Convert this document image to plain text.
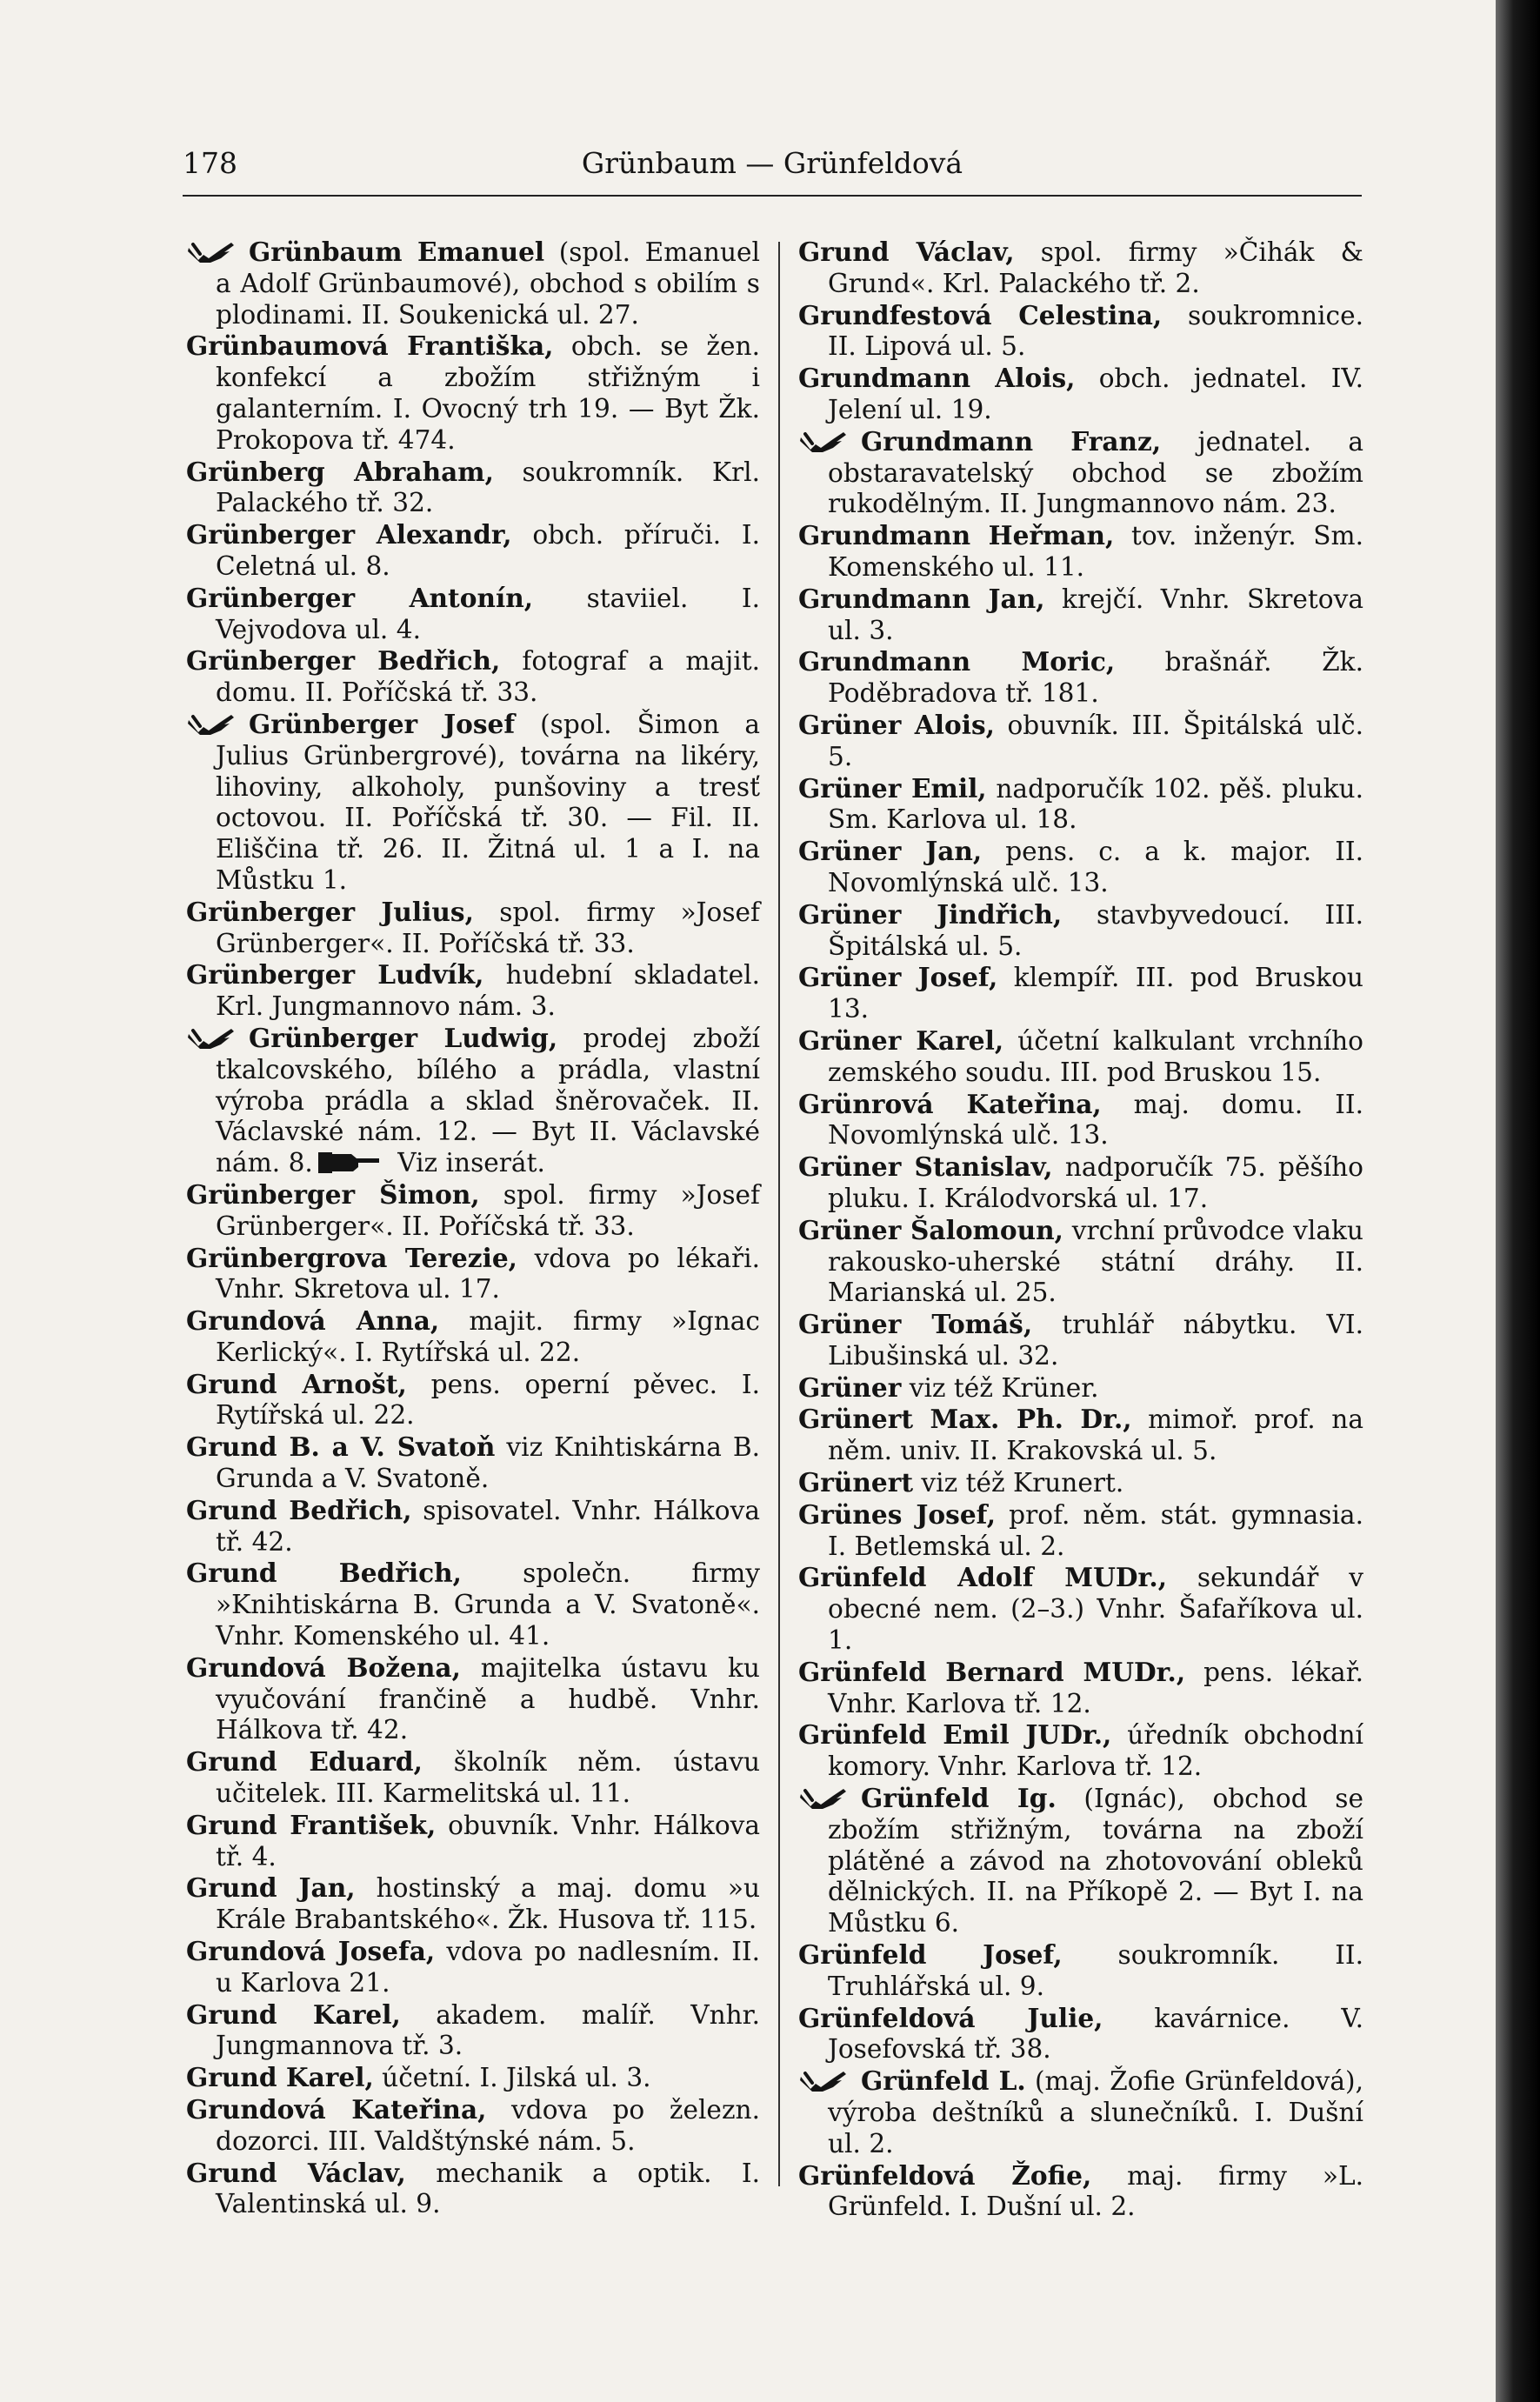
178	Grünbaum — Grünfeldová
Grünbaum Emanuel (spol. Emanuel a Adolf Grünbaumové), obchod s obilím s plodinami. II. Soukenická ul. 27.
Grünbaumová Františka, obch. se žen. konfekcí a zbožím střižným i galanterním. I. Ovocný trh 19. — Byt Žk. Prokopova tř. 474.
Grünberg Abraham, soukromník. Krl. Palackého tř. 32.
Grünberger Alexandr, obch. příruči. I. Celetná ul. 8.
Grünberger Antonín, staviiel. I. Vejvodova ul. 4.
Grünberger Bedřich, fotograf a majit. domu. II. Poříčská tř. 33.
Grünberger Josef (spol. Šimon a Julius Grünbergrové), továrna na likéry, lihoviny, alkoholy, punšoviny a tresť octovou. II. Poříčská tř. 30. — Fil. II. Eliščina tř. 26. II. Žitná ul. 1 a I. na Můstku 1.
Grünberger Julius, spol. firmy »Josef Grünberger«. II. Poříčská tř. 33.
Grünberger Ludvík, hudební skladatel. Krl. Jungmannovo nám. 3.
Grünberger Ludwig, prodej zboží tkalcovského, bílého a prádla, vlastní výroba prádla a sklad šněrovaček. II. Václavské nám. 12. — Byt II. Václavské nám. 8.	Viz inserát.
Grünberger Šimon, spol. firmy »Josef Grünberger«. II. Poříčská tř. 33.
Grünbergrova Terezie, vdova po lékaři. Vnhr. Skretova ul. 17.
Grundová Anna, majit. firmy »Ignac Kerlický«. I. Rytířská ul. 22.
Grund Arnošt, pens. operní pěvec. I. Rytířská ul. 22.
Grund B. a V. Svatoň viz Knihtiskárna B. Grunda a V. Svatoně.
Grund Bedřich, spisovatel. Vnhr. Hálkova tř. 42.
Grund Bedřich, společn. firmy »Knihtiskárna B. Grunda a V. Svatoně«. Vnhr. Komenského ul. 41.
Grundová Božena, majitelka ústavu ku vyučování frančině a hudbě. Vnhr. Hálkova tř. 42.
Grund Eduard, školník něm. ústavu učitelek. III. Karmelitská ul. 11.
Grund František, obuvník. Vnhr. Hálkova tř. 4.
Grund Jan, hostinský a maj. domu »u Krále Brabantského«. Žk. Husova tř. 115.
Grundová Josefa, vdova po nadlesním. II. u Karlova 21.
Grund Karel, akadem. malíř. Vnhr. Jungmannova tř. 3.
Grund Karel, účetní. I. Jilská ul. 3.
Grundová Kateřina, vdova po železn. dozorci. III. Valdštýnské nám. 5.
Grund Václav, mechanik a optik. I. Valentinská ul. 9.
Grund Václav, spol. firmy »Čihák & Grund«. Krl. Palackého tř. 2.
Grundfestová Celestina, soukromnice. II. Lipová ul. 5.
Grundmann Alois, obch. jednatel. IV. Jelení ul. 19.
Grundmann Franz, jednatel. a obstaravatelský obchod se zbožím rukodělným. II. Jungmannovo nám. 23.
Grundmann Heřman, tov. inženýr. Sm. Komenského ul. 11.
Grundmann Jan, krejčí. Vnhr. Skretova ul. 3.
Grundmann Moric, brašnář. Žk. Poděbradova tř. 181.
Grüner Alois, obuvník. III. Špitálská ulč. 5.
Grüner Emil, nadporučík 102. pěš. pluku. Sm. Karlova ul. 18.
Grüner Jan, pens. c. a k. major. II. Novomlýnská ulč. 13.
Grüner Jindřich, stavbyvedoucí. III. Špitálská ul. 5.
Grüner Josef, klempíř. III. pod Bruskou 13.
Grüner Karel, účetní kalkulant vrchního zemského soudu. III. pod Bruskou 15.
Grünrová Kateřina, maj. domu. II. Novomlýnská ulč. 13.
Grüner Stanislav, nadporučík 75. pěšího pluku. I. Králodvorská ul. 17.
Grüner Šalomoun, vrchní průvodce vlaku rakousko-uherské státní dráhy. II. Marianská ul. 25.
Grüner Tomáš, truhlář nábytku. VI. Libušinská ul. 32.
Grüner viz též Krüner.
Grünert Max. Ph. Dr., mimoř. prof. na něm. univ. II. Krakovská ul. 5.
Grünert viz též Krunert.
Grünes Josef, prof. něm. stát. gymnasia. I. Betlemská ul. 2.
Grünfeld Adolf MUDr., sekundář v obecné nem. (2–3.) Vnhr. Šafaříkova ul. 1.
Grünfeld Bernard MUDr., pens. lékař. Vnhr. Karlova tř. 12.
Grünfeld Emil JUDr., úředník obchodní komory. Vnhr. Karlova tř. 12.
Grünfeld Ig. (Ignác), obchod se zbožím střižným, továrna na zboží plátěné a závod na zhotovování obleků dělnických. II. na Příkopě 2. — Byt I. na Můstku 6.
Grünfeld Josef, soukromník. II. Truhlářská ul. 9.
Grünfeldová Julie, kavárnice. V. Josefovská tř. 38.
Grünfeld L. (maj. Žofie Grünfeldová), výroba deštníků a slunečníků. I. Dušní ul. 2.
Grünfeldová Žofie, maj. firmy »L. Grünfeld. I. Dušní ul. 2.
